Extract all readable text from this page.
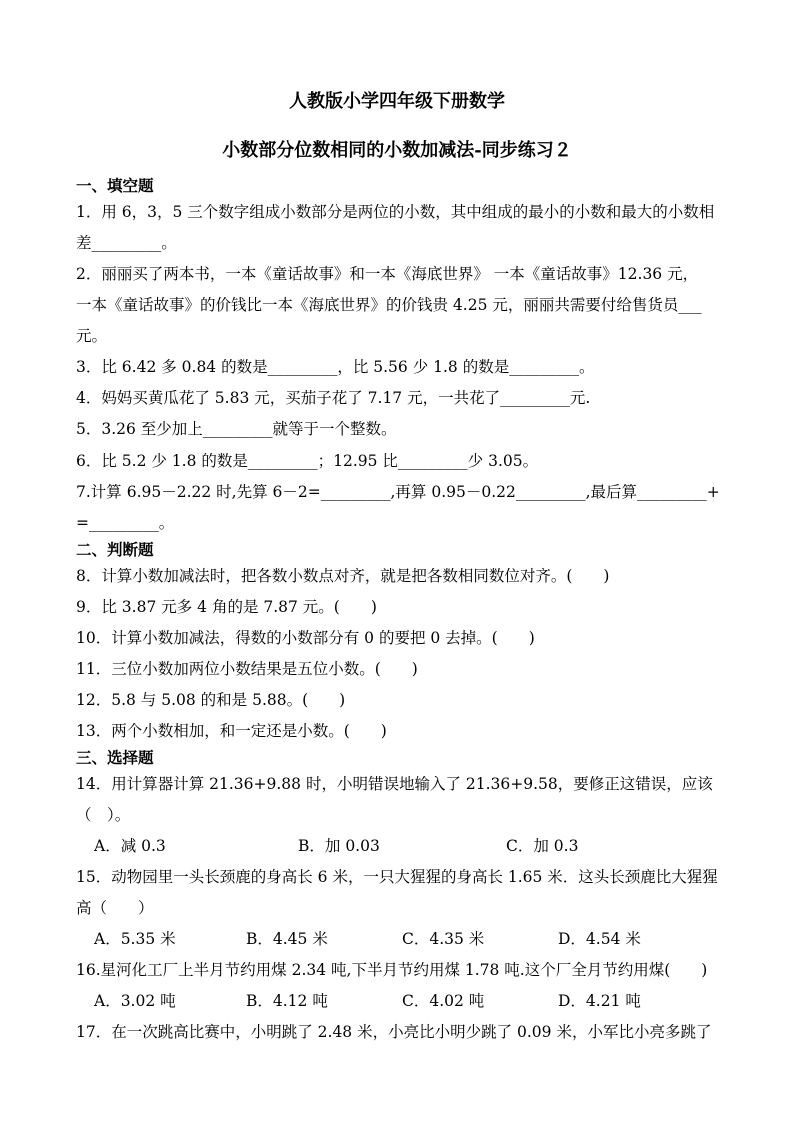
人教版小学四年级下册数学
小数部分位数相同的小数加减法-同步练习２
一、填空题
1．用 6，3，5 三个数字组成小数部分是两位的小数，其中组成的最小的小数和最大的小数相
差_________。
2．丽丽买了两本书，一本《童话故事》和一本《海底世界》 一本《童话故事》12.36 元，
一本《童话故事》的价钱比一本《海底世界》的价钱贵 4.25 元，丽丽共需要付给售货员___
元。
3．比 6.42 多 0.84 的数是_________，比 5.56 少 1.8 的数是_________。
4．妈妈买黄瓜花了 5.83 元，买茄子花了 7.17 元，一共花了_________元.
5．3.26 至少加上_________就等于一个整数。
6．比 5.2 少 1.8 的数是_________；12.95 比_________少 3.05。
7.计算 6.95－2.22 时,先算 6－2=_________,再算 0.95－0.22_________,最后算_________+
=_________。
二、判断题
8．计算小数加减法时，把各数小数点对齐，就是把各数相同数位对齐。(　　)
9．比 3.87 元多 4 角的是 7.87 元。(　　)
10．计算小数加减法，得数的小数部分有 0 的要把 0 去掉。(　　)
11．三位小数加两位小数结果是五位小数。(　　)
12．5.8 与 5.08 的和是 5.88。(　　)
13．两个小数相加，和一定还是小数。(　　)
三、选择题
14．用计算器计算 21.36+9.88 时，小明错误地输入了 21.36+9.58，要修正这错误，应该
（　）。
A．减 0.3	B．加 0.03	C．加 0.3
15．动物园里一头长颈鹿的身高长 6 米，一只大猩猩的身高长 1.65 米．这头长颈鹿比大猩猩
高（　　）
A．5.35 米	B．4.45 米	C．4.35 米	D．4.54 米
16.星河化工厂上半月节约用煤 2.34 吨,下半月节约用煤 1.78 吨.这个厂全月节约用煤(　　)
A．3.02 吨	B．4.12 吨	C．4.02 吨	D．4.21 吨
17．在一次跳高比赛中，小明跳了 2.48 米，小亮比小明少跳了 0.09 米，小军比小亮多跳了
